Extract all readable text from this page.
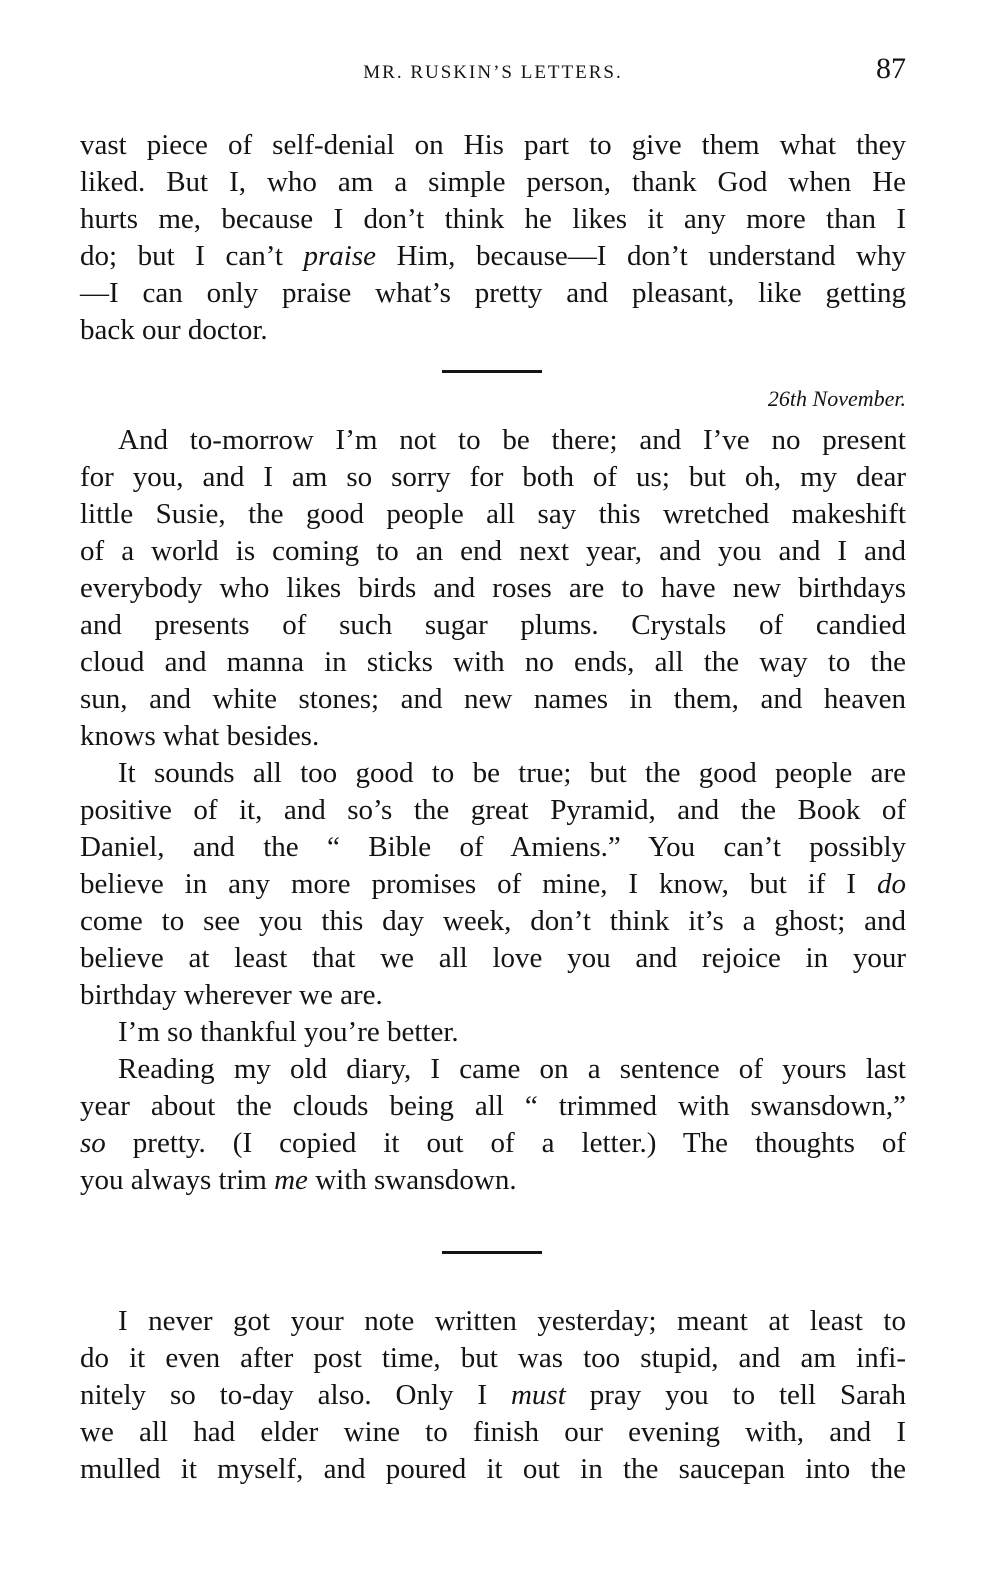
MR. RUSKIN’S LETTERS.	87
vast piece of self-denial on His part to give them what they
liked. But I, who am a simple person, thank God when He
hurts me, because I don’t think he likes it any more than I
do; but I can’t praise Him, because—I don’t understand why
—I can only praise what’s pretty and pleasant, like getting
back our doctor.
26th November.
And to-morrow I’m not to be there; and I’ve no present
for you, and I am so sorry for both of us; but oh, my dear
little Susie, the good people all say this wretched makeshift
of a world is coming to an end next year, and you and I and
everybody who likes birds and roses are to have new birthdays
and presents of such sugar plums. Crystals of candied
cloud and manna in sticks with no ends, all the way to the
sun, and white stones; and new names in them, and heaven
knows what besides.
It sounds all too good to be true; but the good people are
positive of it, and so’s the great Pyramid, and the Book of
Daniel, and the “ Bible of Amiens.” You can’t possibly
believe in any more promises of mine, I know, but if I do
come to see you this day week, don’t think it’s a ghost; and
believe at least that we all love you and rejoice in your
birthday wherever we are.
I’m so thankful you’re better.
Reading my old diary, I came on a sentence of yours last
year about the clouds being all “ trimmed with swansdown,”
so pretty. (I copied it out of a letter.) The thoughts of
you always trim me with swansdown.
I never got your note written yesterday; meant at least to
do it even after post time, but was too stupid, and am infi-
nitely so to-day also. Only I must pray you to tell Sarah
we all had elder wine to finish our evening with, and I
mulled it myself, and poured it out in the saucepan into the
